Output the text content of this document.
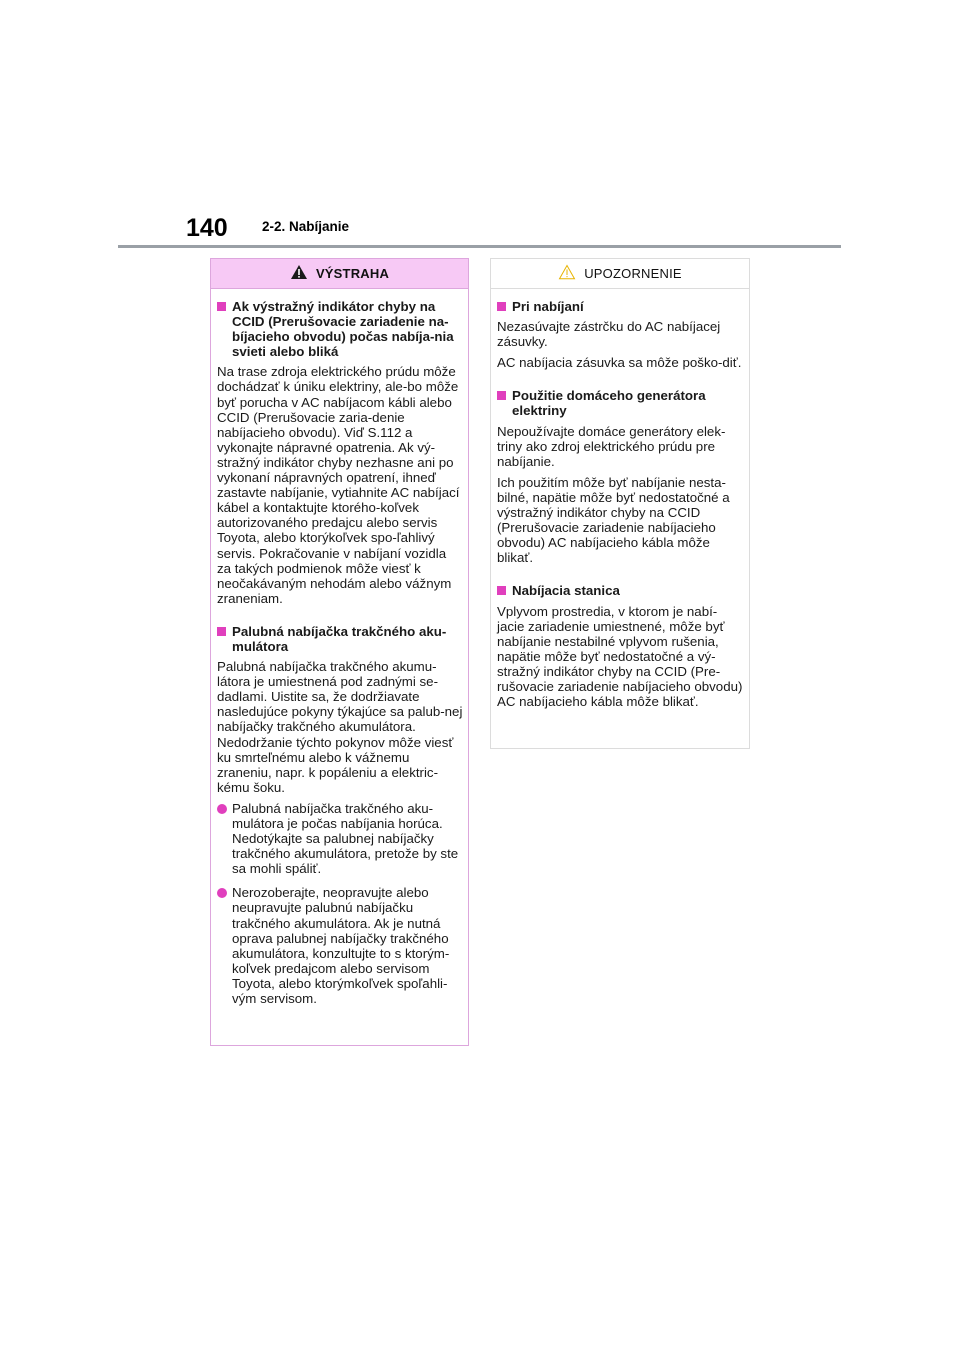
140	2-2. Nabíjanie
VÝSTRAHA
Ak výstražný indikátor chyby na CCID (Prerušovacie zariadenie na-bíjacieho obvodu) počas nabíja-nia svieti alebo bliká

Na trase zdroja elektrického prúdu môže dochádzať k úniku elektriny, ale-bo môže byť porucha v AC nabíjacom kábli alebo CCID (Prerušovacie zaria-denie nabíjacieho obvodu). Viď S.112 a vykonajte nápravné opatrenia. Ak vý-stražný indikátor chyby nezhasne ani po vykonaní nápravných opatrení, ihneď zastavte nabíjanie, vytiahnite AC nabíjací kábel a kontaktujte ktorého-koľvek autorizovaného predajcu alebo servis Toyota, alebo ktorýkoľvek spo-ľahlivý servis. Pokračovanie v nabíjaní vozidla za takých podmienok môže viesť k neočakávaným nehodám alebo vážnym zraneniam.

Palubná nabíjačka trakčného aku-mulátora

Palubná nabíjačka trakčného akumu-látora je umiestnená pod zadnými se-dadlami. Uistite sa, že dodržiavate nasledujúce pokyny týkajúce sa palub-nej nabíjačky trakčného akumulátora. Nedodržanie týchto pokynov môže viesť ku smrteľnému alebo k vážnemu zraneniu, napr. k popáleniu a elektric-kému šoku.

Palubná nabíjačka trakčného aku-mulátora je počas nabíjania horúca. Nedotýkajte sa palubnej nabíjačky trakčného akumulátora, pretože by ste sa mohli spáliť.
Nerozoberajte, neopravujte alebo neupravujte palubnú nabíjačku trakčného akumulátora. Ak je nutná oprava palubnej nabíjačky trakčného akumulátora, konzultujte to s ktorým-koľvek predajcom alebo servisom Toyota, alebo ktorýmkoľvek spoľahli-vým servisom.
UPOZORNENIE
Pri nabíjaní

Nezasúvajte zástrčku do AC nabíjacej zásuvky.

AC nabíjacia zásuvka sa môže poško-diť.

Použitie domáceho generátora elektriny

Nepoužívajte domáce generátory elek-triny ako zdroj elektrického prúdu pre nabíjanie.

Ich použitím môže byť nabíjanie nesta-bilné, napätie môže byť nedostatočné a výstražný indikátor chyby na CCID (Prerušovacie zariadenie nabíjacieho obvodu) AC nabíjacieho kábla môže blikať.

Nabíjacia stanica

Vplyvom prostredia, v ktorom je nabí-jacie zariadenie umiestnené, môže byť nabíjanie nestabilné vplyvom rušenia, napätie môže byť nedostatočné a vý-stražný indikátor chyby na CCID (Pre-rušovacie zariadenie nabíjacieho obvodu) AC nabíjacieho kábla môže blikať.
